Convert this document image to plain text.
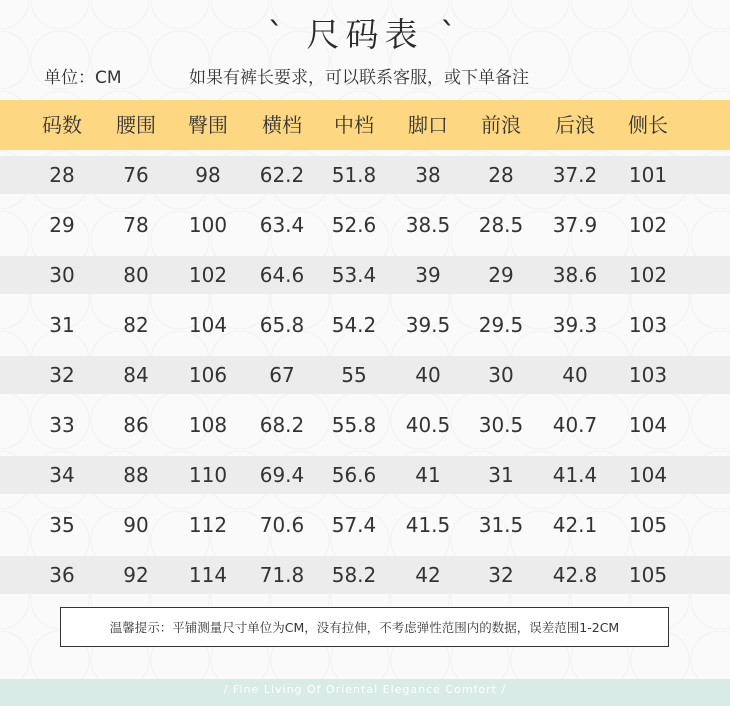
` 尺码表 `
单位：CM	如果有裤长要求，可以联系客服，或下单备注
码数	腰围	臀围	横档	中档	脚口	前浪	后浪	侧长
28	76	98	62.2	51.8	38	28	37.2	101
29	78	100	63.4	52.6	38.5	28.5	37.9	102
30	80	102	64.6	53.4	39	29	38.6	102
31	82	104	65.8	54.2	39.5	29.5	39.3	103
32	84	106	67	55	40	30	40	103
33	86	108	68.2	55.8	40.5	30.5	40.7	104
34	88	110	69.4	56.6	41	31	41.4	104
35	90	112	70.6	57.4	41.5	31.5	42.1	105
36	92	114	71.8	58.2	42	32	42.8	105
温馨提示：平铺测量尺寸单位为CM，没有拉伸，不考虑弹性范围内的数据，误差范围1-2CM
/ Fine Living Of Oriental Elegance Comfort /
